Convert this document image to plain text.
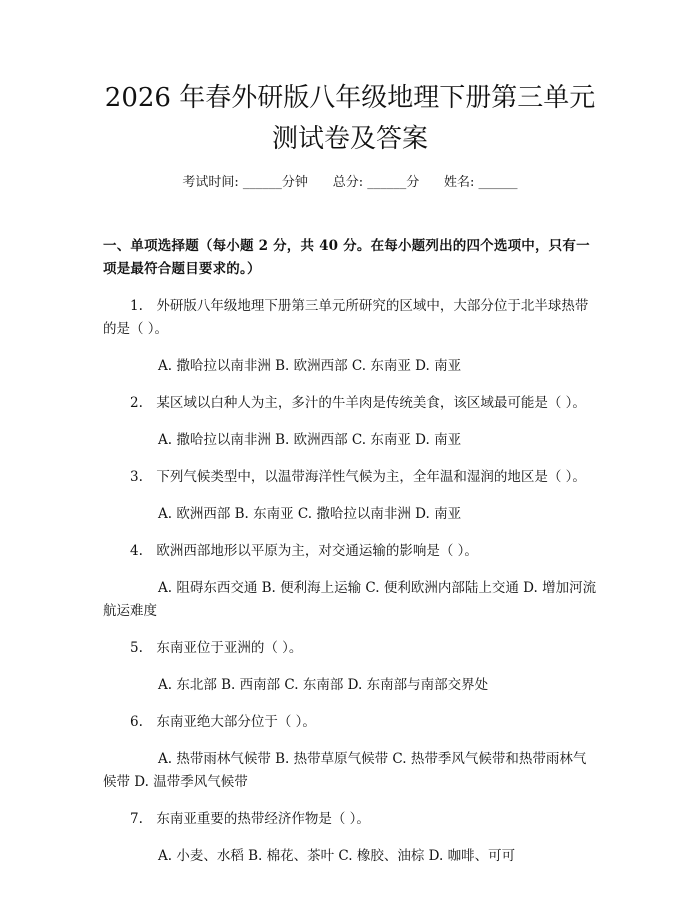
2026 年春外研版八年级地理下册第三单元测试卷及答案
考试时间: ______分钟 总分: ______分 姓名: ______
一、单项选择题（每小题 2 分，共 40 分。在每小题列出的四个选项中，只有一项是最符合题目要求的。）
1.　外研版八年级地理下册第三单元所研究的区域中，大部分位于北半球热带的是（ ）。
A. 撒哈拉以南非洲 B. 欧洲西部 C. 东南亚 D. 南亚
2.　某区域以白种人为主，多汁的牛羊肉是传统美食，该区域最可能是（ ）。
A. 撒哈拉以南非洲 B. 欧洲西部 C. 东南亚 D. 南亚
3.　下列气候类型中，以温带海洋性气候为主，全年温和湿润的地区是（ ）。
A. 欧洲西部 B. 东南亚 C. 撒哈拉以南非洲 D. 南亚
4.　欧洲西部地形以平原为主，对交通运输的影响是（ ）。
A. 阻碍东西交通 B. 便利海上运输 C. 便利欧洲内部陆上交通 D. 增加河流航运难度
5.　东南亚位于亚洲的（ ）。
A. 东北部 B. 西南部 C. 东南部 D. 东南部与南部交界处
6.　东南亚绝大部分位于（ ）。
A. 热带雨林气候带 B. 热带草原气候带 C. 热带季风气候带和热带雨林气候带 D. 温带季风气候带
7.　东南亚重要的热带经济作物是（ ）。
A. 小麦、水稻 B. 棉花、茶叶 C. 橡胶、油棕 D. 咖啡、可可
